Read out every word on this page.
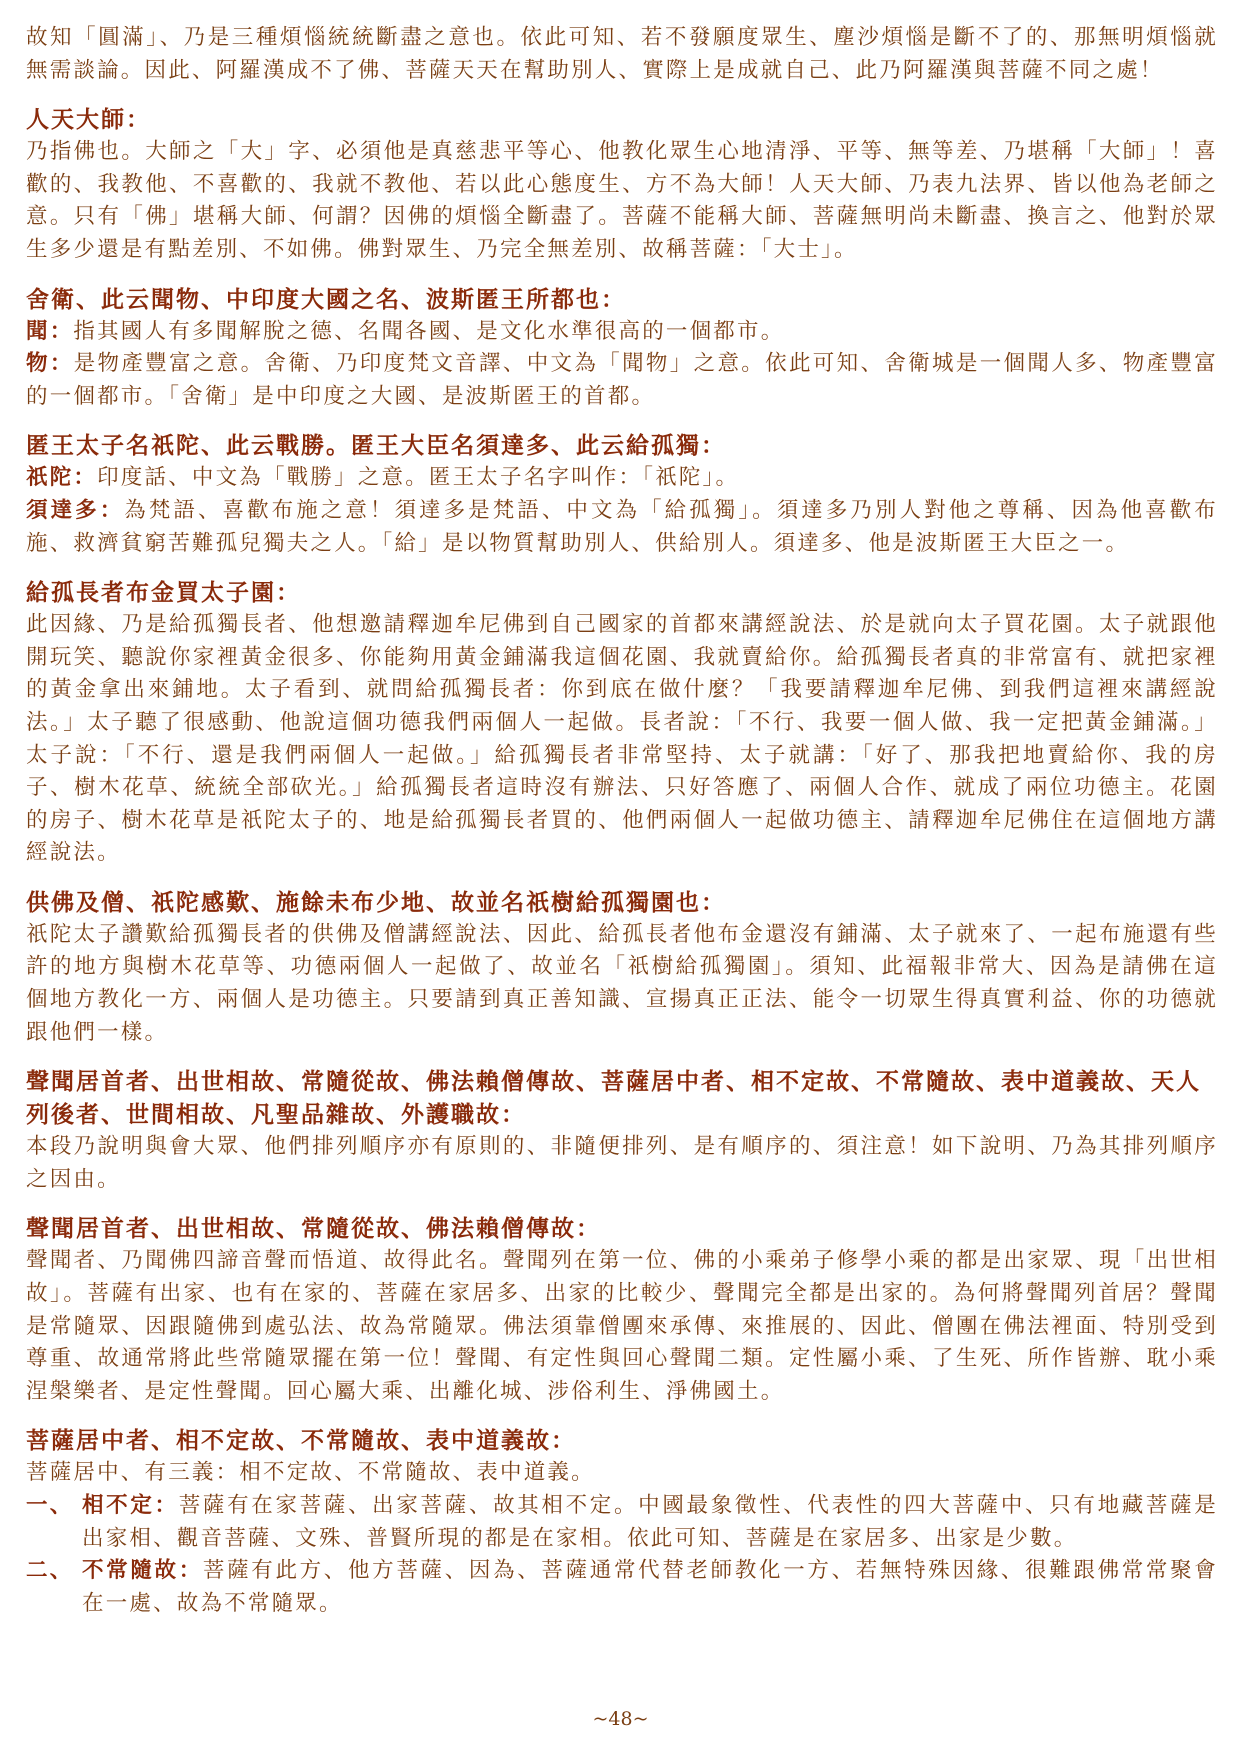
故知「圓滿」、乃是三種煩惱統統斷盡之意也。依此可知、若不發願度眾生、塵沙煩惱是斷不了的、那無明煩惱就無需談論。因此、阿羅漢成不了佛、菩薩天天在幫助別人、實際上是成就自己、此乃阿羅漢與菩薩不同之處！

人天大師：

乃指佛也。大師之「大」字、必須他是真慈悲平等心、他教化眾生心地清淨、平等、無等差、乃堪稱「大師」！喜歡的、我教他、不喜歡的、我就不教他、若以此心態度生、方不為大師！人天大師、乃表九法界、皆以他為老師之意。只有「佛」堪稱大師、何謂？因佛的煩惱全斷盡了。菩薩不能稱大師、菩薩無明尚未斷盡、換言之、他對於眾生多少還是有點差別、不如佛。佛對眾生、乃完全無差別、故稱菩薩：「大士」。

舍衛、此云聞物、中印度大國之名、波斯匿王所都也：

聞：指其國人有多聞解脫之德、名聞各國、是文化水準很高的一個都市。

物：是物產豐富之意。舍衛、乃印度梵文音譯、中文為「聞物」之意。依此可知、舍衛城是一個聞人多、物產豐富的一個都市。「舍衛」是中印度之大國、是波斯匿王的首都。

匿王太子名祇陀、此云戰勝。匿王大臣名須達多、此云給孤獨：

祇陀：印度話、中文為「戰勝」之意。匿王太子名字叫作：「祇陀」。

須達多：為梵語、喜歡布施之意！須達多是梵語、中文為「給孤獨」。須達多乃別人對他之尊稱、因為他喜歡布施、救濟貧窮苦難孤兒獨夫之人。「給」是以物質幫助別人、供給別人。須達多、他是波斯匿王大臣之一。

給孤長者布金買太子園：

此因緣、乃是給孤獨長者、他想邀請釋迦牟尼佛到自己國家的首都來講經說法、於是就向太子買花園。太子就跟他開玩笑、聽說你家裡黃金很多、你能夠用黃金鋪滿我這個花園、我就賣給你。給孤獨長者真的非常富有、就把家裡的黃金拿出來鋪地。太子看到、就問給孤獨長者：你到底在做什麼？「我要請釋迦牟尼佛、到我們這裡來講經說法。」太子聽了很感動、他說這個功德我們兩個人一起做。長者說：「不行、我要一個人做、我一定把黃金鋪滿。」太子說：「不行、還是我們兩個人一起做。」給孤獨長者非常堅持、太子就講：「好了、那我把地賣給你、我的房子、樹木花草、統統全部砍光。」給孤獨長者這時沒有辦法、只好答應了、兩個人合作、就成了兩位功德主。花園的房子、樹木花草是祇陀太子的、地是給孤獨長者買的、他們兩個人一起做功德主、請釋迦牟尼佛住在這個地方講經說法。

供佛及僧、祇陀感歎、施餘未布少地、故並名祇樹給孤獨園也：

祇陀太子讚歎給孤獨長者的供佛及僧講經說法、因此、給孤長者他布金還沒有鋪滿、太子就來了、一起布施還有些許的地方與樹木花草等、功德兩個人一起做了、故並名「祇樹給孤獨園」。須知、此福報非常大、因為是請佛在這個地方教化一方、兩個人是功德主。只要請到真正善知識、宣揚真正正法、能令一切眾生得真實利益、你的功德就跟他們一樣。

聲聞居首者、出世相故、常隨從故、佛法賴僧傳故、菩薩居中者、相不定故、不常隨故、表中道義故、天人列後者、世間相故、凡聖品雜故、外護職故：

本段乃說明與會大眾、他們排列順序亦有原則的、非隨便排列、是有順序的、須注意！如下說明、乃為其排列順序之因由。

聲聞居首者、出世相故、常隨從故、佛法賴僧傳故：

聲聞者、乃聞佛四諦音聲而悟道、故得此名。聲聞列在第一位、佛的小乘弟子修學小乘的都是出家眾、現「出世相故」。菩薩有出家、也有在家的、菩薩在家居多、出家的比較少、聲聞完全都是出家的。為何將聲聞列首居？聲聞是常隨眾、因跟隨佛到處弘法、故為常隨眾。佛法須靠僧團來承傳、來推展的、因此、僧團在佛法裡面、特別受到尊重、故通常將此些常隨眾擺在第一位！聲聞、有定性與回心聲聞二類。定性屬小乘、了生死、所作皆辦、耽小乘涅槃樂者、是定性聲聞。回心屬大乘、出離化城、涉俗利生、淨佛國土。

菩薩居中者、相不定故、不常隨故、表中道義故：

菩薩居中、有三義：相不定故、不常隨故、表中道義。

一、 相不定：菩薩有在家菩薩、出家菩薩、故其相不定。中國最象徵性、代表性的四大菩薩中、只有地藏菩薩是出家相、觀音菩薩、文殊、普賢所現的都是在家相。依此可知、菩薩是在家居多、出家是少數。
二、 不常隨故：菩薩有此方、他方菩薩、因為、菩薩通常代替老師教化一方、若無特殊因緣、很難跟佛常常聚會在一處、故為不常隨眾。
~48~
